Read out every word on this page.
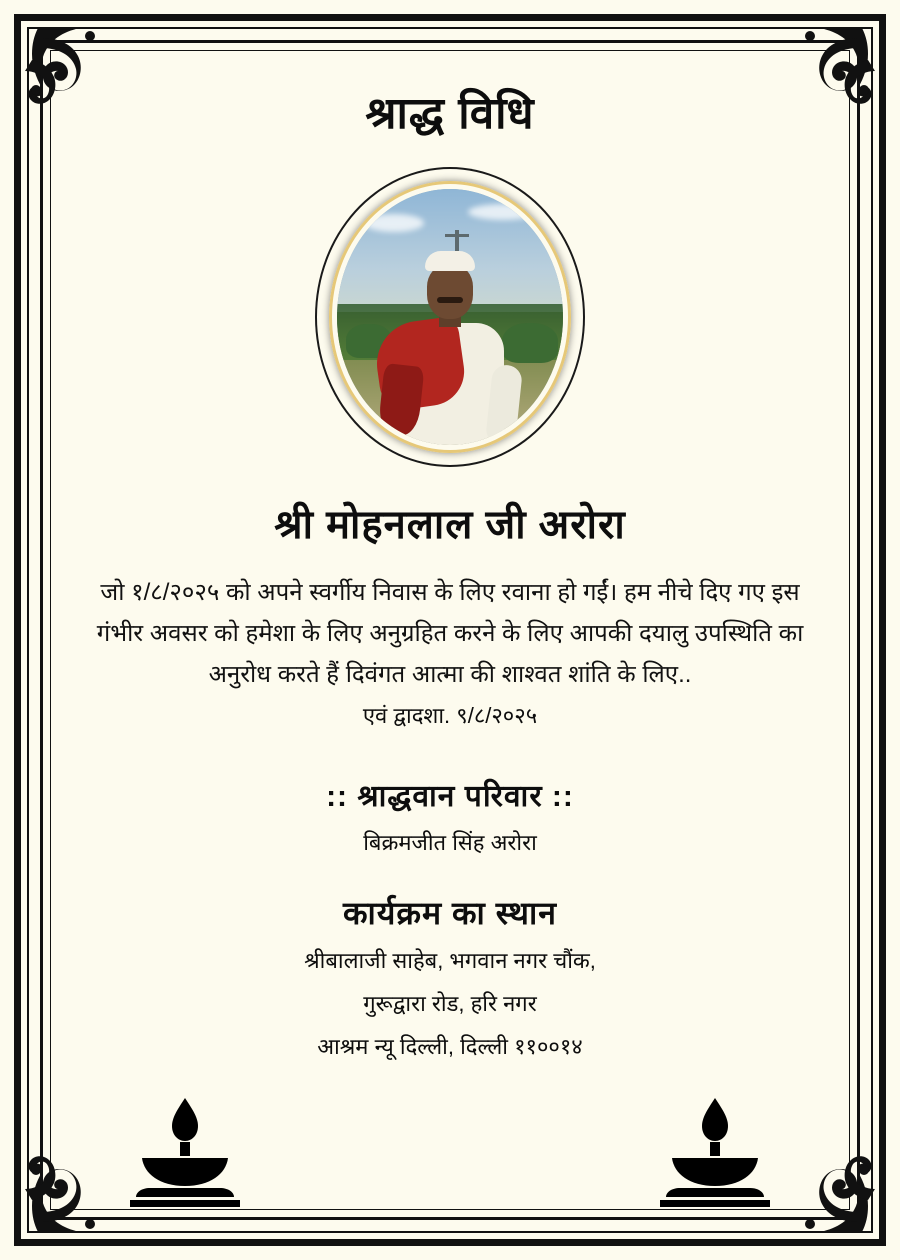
श्राद्ध विधि
श्री मोहनलाल जी अरोरा
जो १/८/२०२५ को अपने स्वर्गीय निवास के लिए रवाना हो गईं। हम नीचे दिए गए इस गंभीर अवसर को हमेशा के लिए अनुग्रहित करने के लिए आपकी दयालु उपस्थिति का अनुरोध करते हैं दिवंगत आत्मा की शाश्वत शांति के लिए..
एवं द्वादशा. ९/८/२०२५
:: श्राद्धवान परिवार ::
बिक्रमजीत सिंह अरोरा
कार्यक्रम का स्थान
श्रीबालाजी साहेब, भगवान नगर चौंक,
गुरूद्वारा रोड, हरि नगर
आश्रम न्यू दिल्ली, दिल्ली ११००१४
